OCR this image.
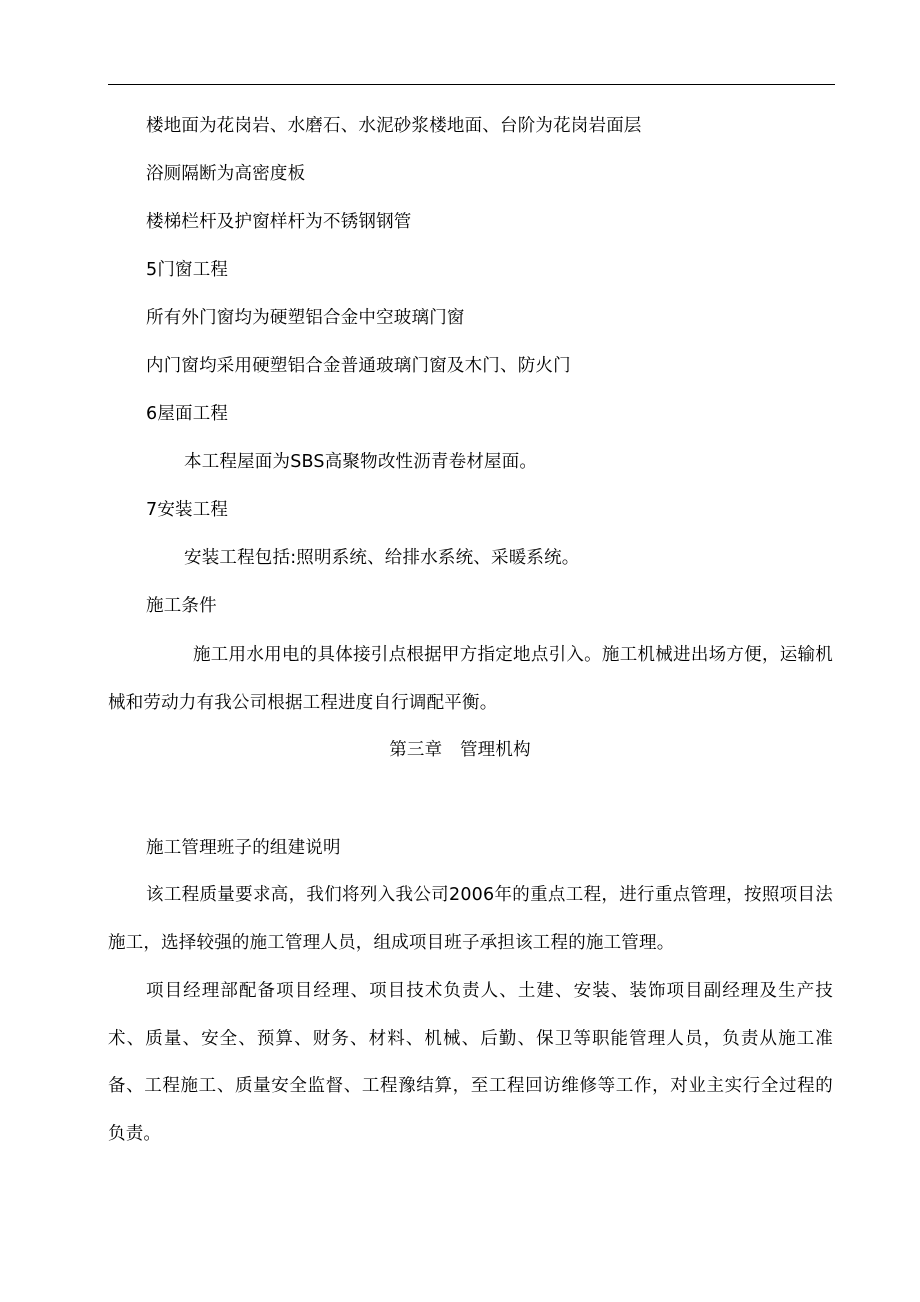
楼地面为花岗岩、水磨石、水泥砂浆楼地面、台阶为花岗岩面层
浴厕隔断为高密度板
楼梯栏杆及护窗样杆为不锈钢钢管
5门窗工程
所有外门窗均为硬塑铝合金中空玻璃门窗
内门窗均采用硬塑铝合金普通玻璃门窗及木门、防火门
6屋面工程
本工程屋面为SBS高聚物改性沥青卷材屋面。
7安装工程
安装工程包括:照明系统、给排水系统、采暖系统。
施工条件
施工用水用电的具体接引点根据甲方指定地点引入。施工机械进出场方便，运输机械和劳动力有我公司根据工程进度自行调配平衡。
第三章　管理机构
施工管理班子的组建说明
该工程质量要求高，我们将列入我公司2006年的重点工程，进行重点管理，按照项目法施工，选择较强的施工管理人员，组成项目班子承担该工程的施工管理。
项目经理部配备项目经理、项目技术负责人、土建、安装、装饰项目副经理及生产技术、质量、安全、预算、财务、材料、机械、后勤、保卫等职能管理人员，负责从施工准备、工程施工、质量安全监督、工程豫结算，至工程回访维修等工作，对业主实行全过程的负责。
